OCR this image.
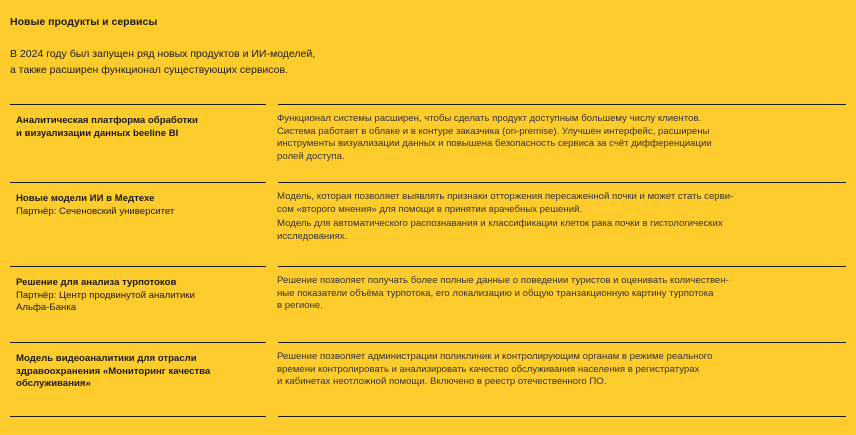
Новые продукты и сервисы
В 2024 году был запущен ряд новых продуктов и ИИ-моделей,
а также расширен функционал существующих сервисов.
Аналитическая платформа обработки
и визуализации данных beeline BI

Функционал системы расширен, чтобы сделать продукт доступным большему числу клиентов.
Система работает в облаке и в контуре заказчика (on-premise). Улучшен интерфейс, расширены
инструменты визуализации данных и повышена безопасность сервиса за счёт дифференциации
ролей доступа.

Новые модели ИИ в Медтехе
Партнёр: Сеченовский университет

Модель, которая позволяет выявлять признаки отторжения пересаженной почки и может стать серви-
сом «второго мнения» для помощи в принятии врачебных решений.

Модель для автоматического распознавания и классификации клеток рака почки в гистологических
исследованиях.

Решение для анализа турпотоков
Партнёр: Центр продвинутой аналитики
Альфа-Банка

Решение позволяет получать более полные данные о поведении туристов и оценивать количествен-
ные показатели объёма турпотока, его локализацию и общую транзакционную картину турпотока
в регионе.

Модель видеоаналитики для отрасли
здравоохранения «Мониторинг качества
обслуживания»

Решение позволяет администрации поликлиник и контролирующим органам в режиме реального
времени контролировать и анализировать качество обслуживания населения в регистратурах
и кабинетах неотложной помощи. Включено в реестр отечественного ПО.
